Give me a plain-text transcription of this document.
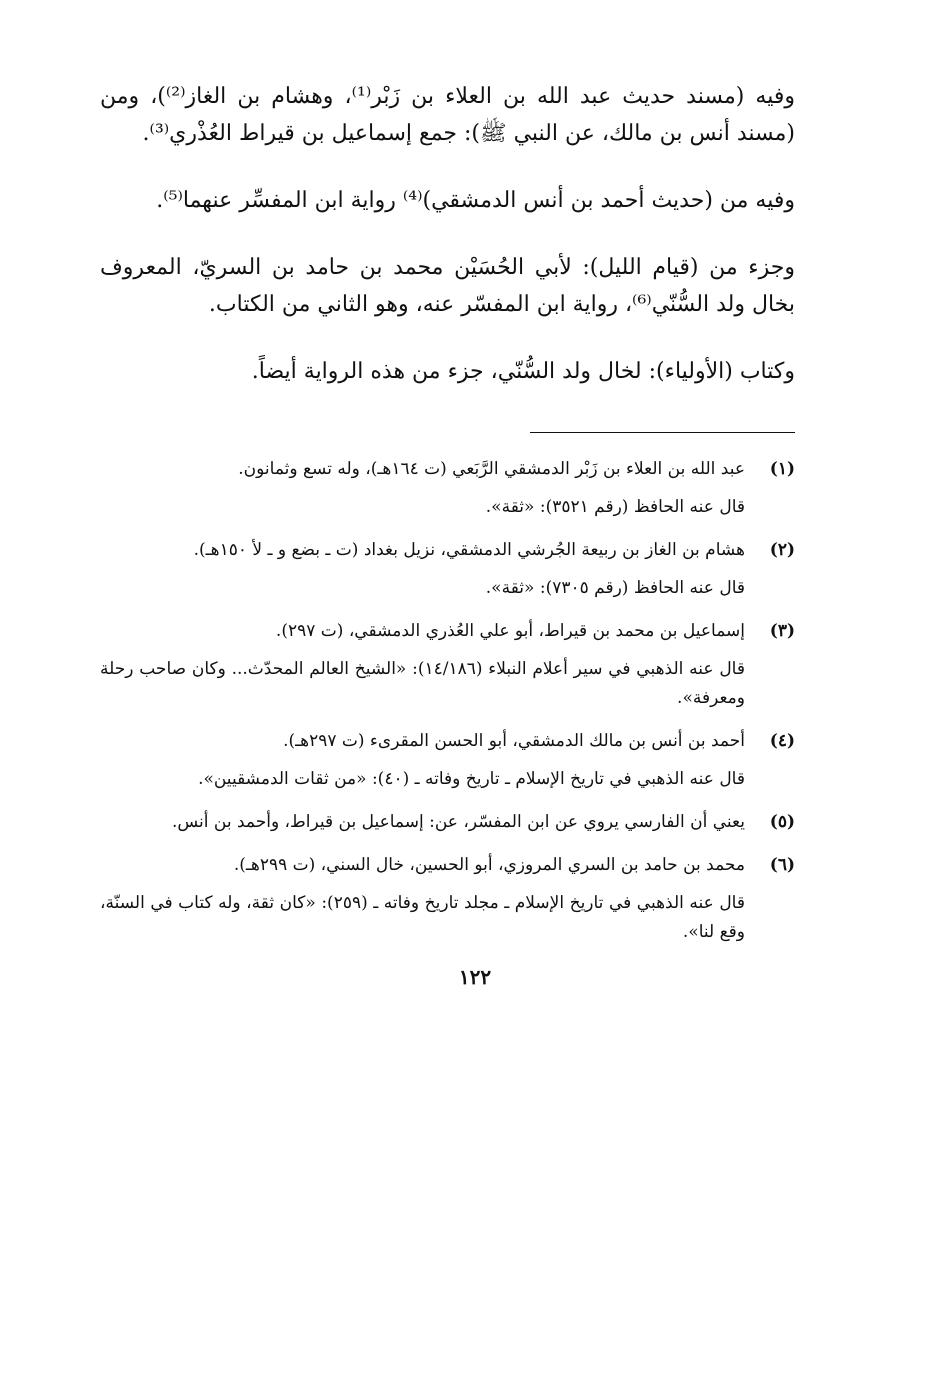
وفيه (مسند حديث عبد الله بن العلاء بن زَبْر⁽¹⁾، وهشام بن الغاز⁽²⁾)، ومن (مسند أنس بن مالك، عن النبي ﷺ): جمع إسماعيل بن قيراط العُذْري⁽³⁾.

وفيه من (حديث أحمد بن أنس الدمشقي)⁽⁴⁾ رواية ابن المفسِّر عنهما⁽⁵⁾.

وجزء من (قيام الليل): لأبي الحُسَيْن محمد بن حامد بن السريّ، المعروف بخال ولد السُّنّي⁽⁶⁾، رواية ابن المفسّر عنه، وهو الثاني من الكتاب.

وكتاب (الأولياء): لخال ولد السُّنّي، جزء من هذه الرواية أيضاً.

(١)
عبد الله بن العلاء بن زَبْر الدمشقي الرَّبَعي (ت ١٦٤هـ)، وله تسع وثمانون.
قال عنه الحافظ (رقم ٣٥٢١): «ثقة».
(٢)
هشام بن الغاز بن ربيعة الجُرشي الدمشقي، نزيل بغداد (ت ـ بضع و ـ لأ ١٥٠هـ).
قال عنه الحافظ (رقم ٧٣٠٥): «ثقة».
(٣)
إسماعيل بن محمد بن قيراط، أبو علي العُذري الدمشقي، (ت ٢٩٧).
قال عنه الذهبي في سير أعلام النبلاء (١٤/١٨٦): «الشيخ العالم المحدّث... وكان صاحب رحلة ومعرفة».
(٤)
أحمد بن أنس بن مالك الدمشقي، أبو الحسن المقرىء (ت ٢٩٧هـ).
قال عنه الذهبي في تاريخ الإسلام ـ تاريخ وفاته ـ (٤٠): «من ثقات الدمشقيين».
(٥)
يعني أن الفارسي يروي عن ابن المفسّر، عن: إسماعيل بن قيراط، وأحمد بن أنس.
(٦)
محمد بن حامد بن السري المروزي، أبو الحسين، خال السني، (ت ٢٩٩هـ).
قال عنه الذهبي في تاريخ الإسلام ـ مجلد تاريخ وفاته ـ (٢٥٩): «كان ثقة، وله كتاب في السنّة، وقع لنا».
١٢٢
